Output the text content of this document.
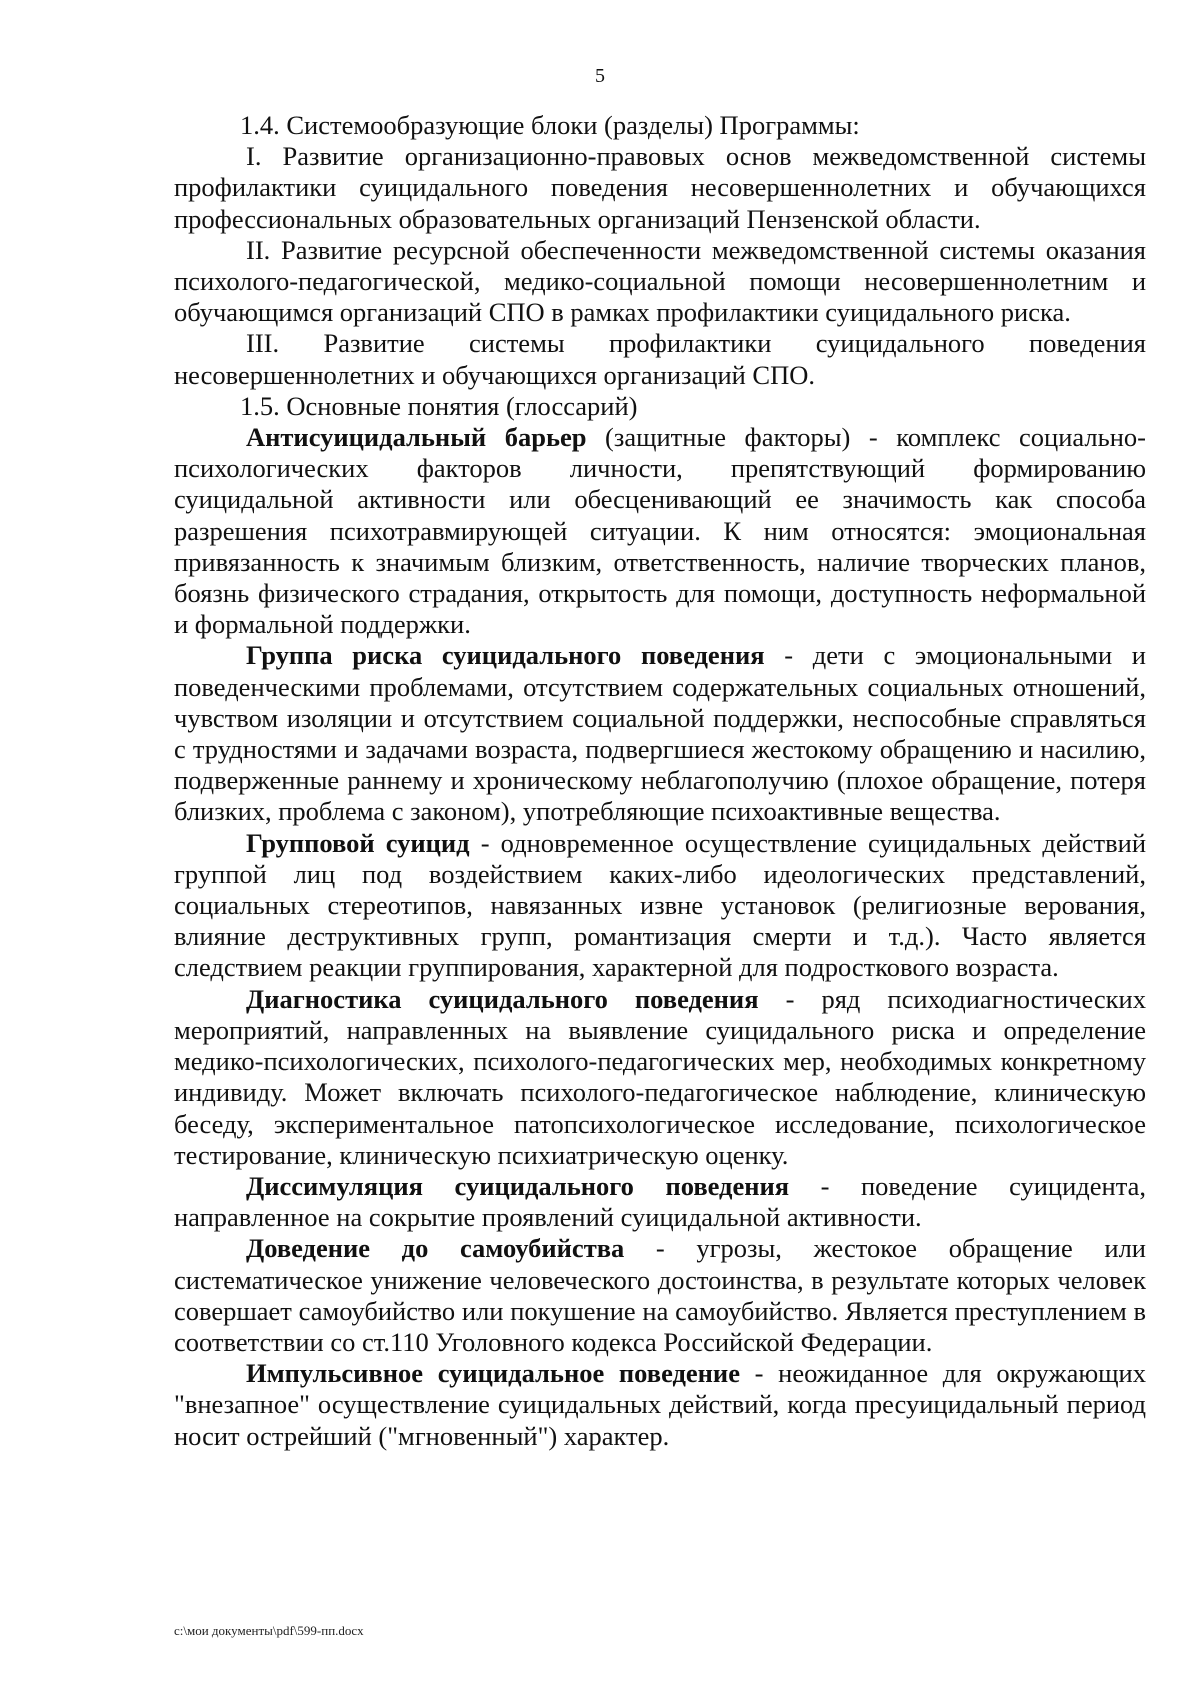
5

1.4. Системообразующие блоки (разделы) Программы:

I. Развитие организационно-правовых основ межведомственной системы профилактики суицидального поведения несовершеннолетних и обучающихся профессиональных образовательных организаций Пензенской области.

II. Развитие ресурсной обеспеченности межведомственной системы оказания психолого-педагогической, медико-социальной помощи несовершеннолетним и обучающимся организаций СПО в рамках профилактики суицидального риска.

III. Развитие системы профилактики суицидального поведения несовершеннолетних и обучающихся организаций СПО.

1.5. Основные понятия (глоссарий)

Антисуицидальный барьер (защитные факторы) - комплекс социально-психологических факторов личности, препятствующий формированию суицидальной активности или обесценивающий ее значимость как способа разрешения психотравмирующей ситуации. К ним относятся: эмоциональная привязанность к значимым близким, ответственность, наличие творческих планов, боязнь физического страдания, открытость для помощи, доступность неформальной и формальной поддержки.

Группа риска суицидального поведения - дети с эмоциональными и поведенческими проблемами, отсутствием содержательных социальных отношений, чувством изоляции и отсутствием социальной поддержки, неспособные справляться с трудностями и задачами возраста, подвергшиеся жестокому обращению и насилию, подверженные раннему и хроническому неблагополучию (плохое обращение, потеря близких, проблема с законом), употребляющие психоактивные вещества.

Групповой суицид - одновременное осуществление суицидальных действий группой лиц под воздействием каких-либо идеологических представлений, социальных стереотипов, навязанных извне установок (религиозные верования, влияние деструктивных групп, романтизация смерти и т.д.). Часто является следствием реакции группирования, характерной для подросткового возраста.

Диагностика суицидального поведения - ряд психодиагностических мероприятий, направленных на выявление суицидального риска и определение медико-психологических, психолого-педагогических мер, необходимых конкретному индивиду. Может включать психолого-педагогическое наблюдение, клиническую беседу, экспериментальное патопсихологическое исследование, психологическое тестирование, клиническую психиатрическую оценку.

Диссимуляция суицидального поведения - поведение суицидента, направленное на сокрытие проявлений суицидальной активности.

Доведение до самоубийства - угрозы, жестокое обращение или систематическое унижение человеческого достоинства, в результате которых человек совершает самоубийство или покушение на самоубийство. Является преступлением в соответствии со ст.110 Уголовного кодекса Российской Федерации.

Импульсивное суицидальное поведение - неожиданное для окружающих "внезапное" осуществление суицидальных действий, когда пресуицидальный период носит острейший ("мгновенный") характер.

c:\мои документы\pdf\599-пп.docx
